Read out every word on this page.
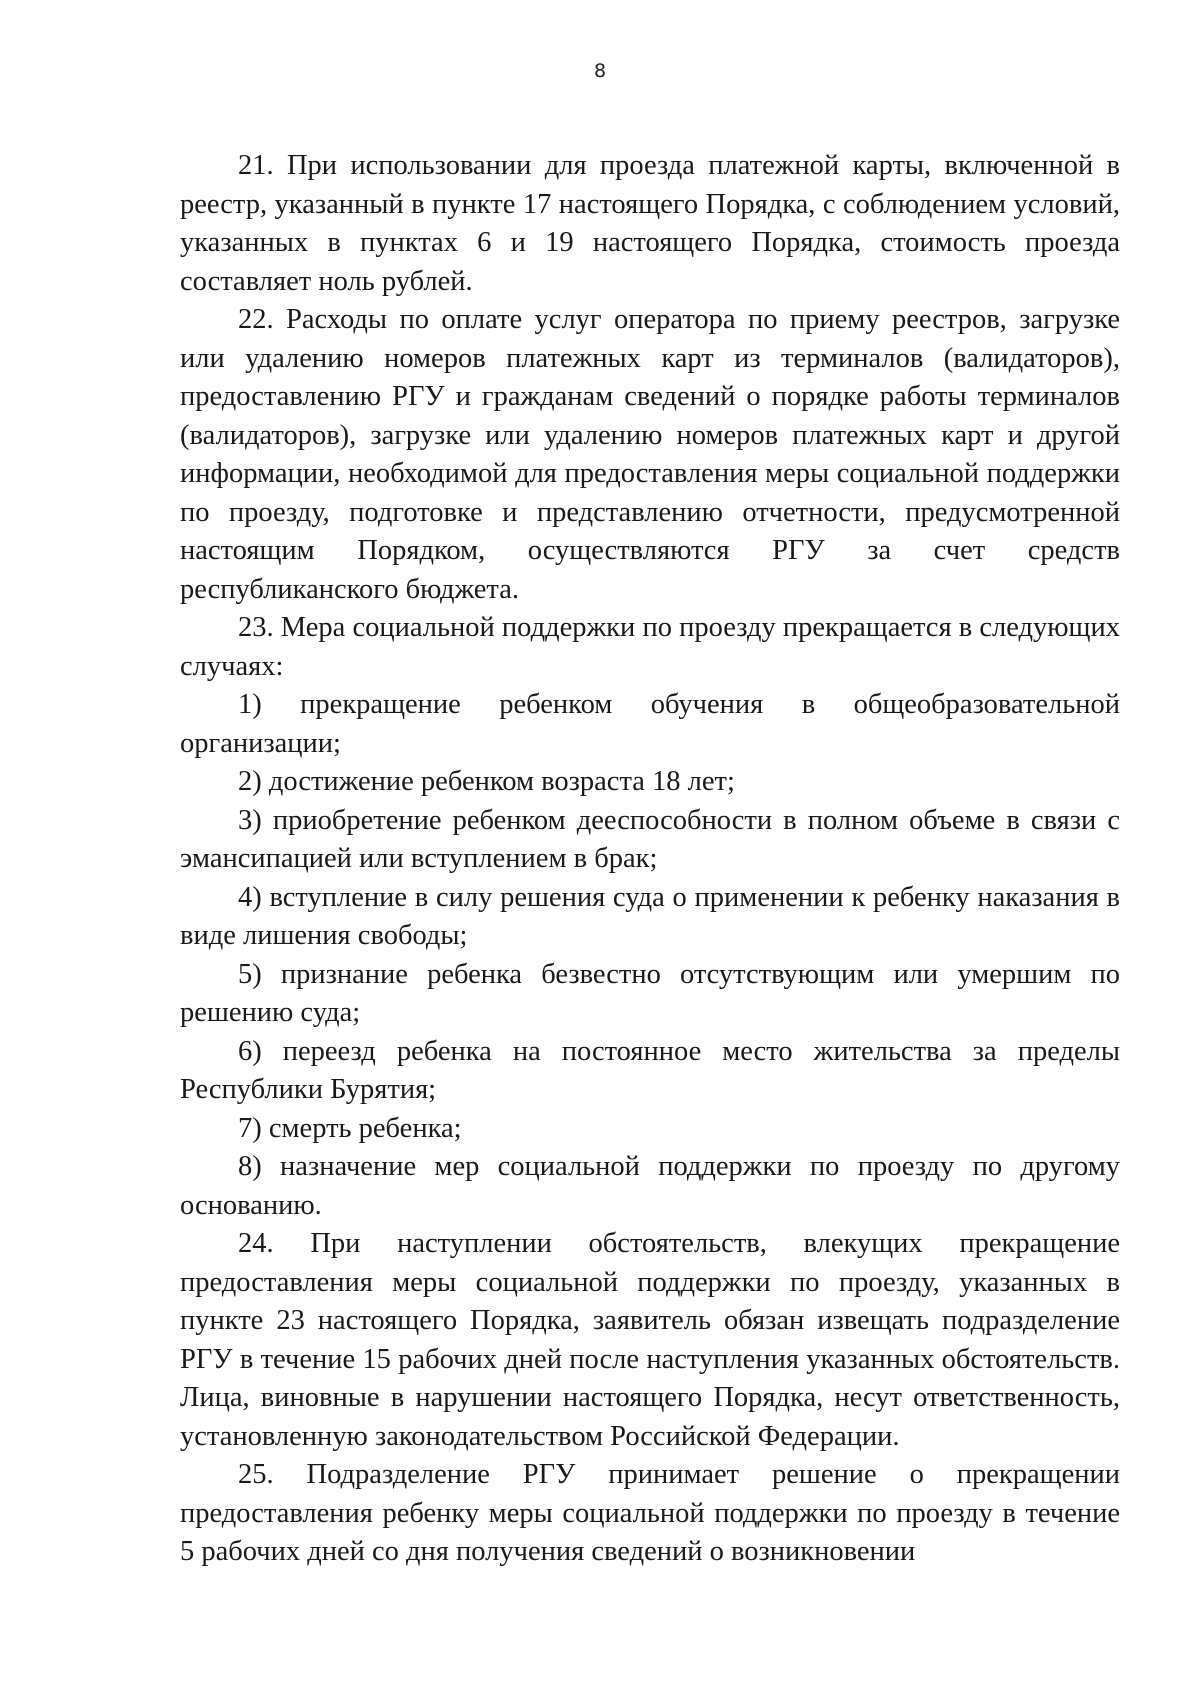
8

21. При использовании для проезда платежной карты, включенной в реестр, указанный в пункте 17 настоящего Порядка, с соблюдением условий, указанных в пунктах 6 и 19 настоящего Порядка, стоимость проезда составляет ноль рублей.

22. Расходы по оплате услуг оператора по приему реестров, загрузке или удалению номеров платежных карт из терминалов (валидаторов), предоставлению РГУ и гражданам сведений о порядке работы терминалов (валидаторов), загрузке или удалению номеров платежных карт и другой информации, необходимой для предоставления меры социальной поддержки по проезду, подготовке и представлению отчетности, предусмотренной настоящим Порядком, осуществляются РГУ за счет средств республиканского бюджета.

23. Мера социальной поддержки по проезду прекращается в следующих случаях:

1) прекращение ребенком обучения в общеобразовательной организации;

2) достижение ребенком возраста 18 лет;

3) приобретение ребенком дееспособности в полном объеме в связи с эмансипацией или вступлением в брак;

4) вступление в силу решения суда о применении к ребенку наказания в виде лишения свободы;

5) признание ребенка безвестно отсутствующим или умершим по решению суда;

6) переезд ребенка на постоянное место жительства за пределы Республики Бурятия;

7) смерть ребенка;

8) назначение мер социальной поддержки по проезду по другому основанию.

24. При наступлении обстоятельств, влекущих прекращение предоставления меры социальной поддержки по проезду, указанных в пункте 23 настоящего Порядка, заявитель обязан извещать подразделение РГУ в течение 15 рабочих дней после наступления указанных обстоятельств. Лица, виновные в нарушении настоящего Порядка, несут ответственность, установленную законодательством Российской Федерации.

25. Подразделение РГУ принимает решение о прекращении предоставления ребенку меры социальной поддержки по проезду в течение 5 рабочих дней со дня получения сведений о возникновении
